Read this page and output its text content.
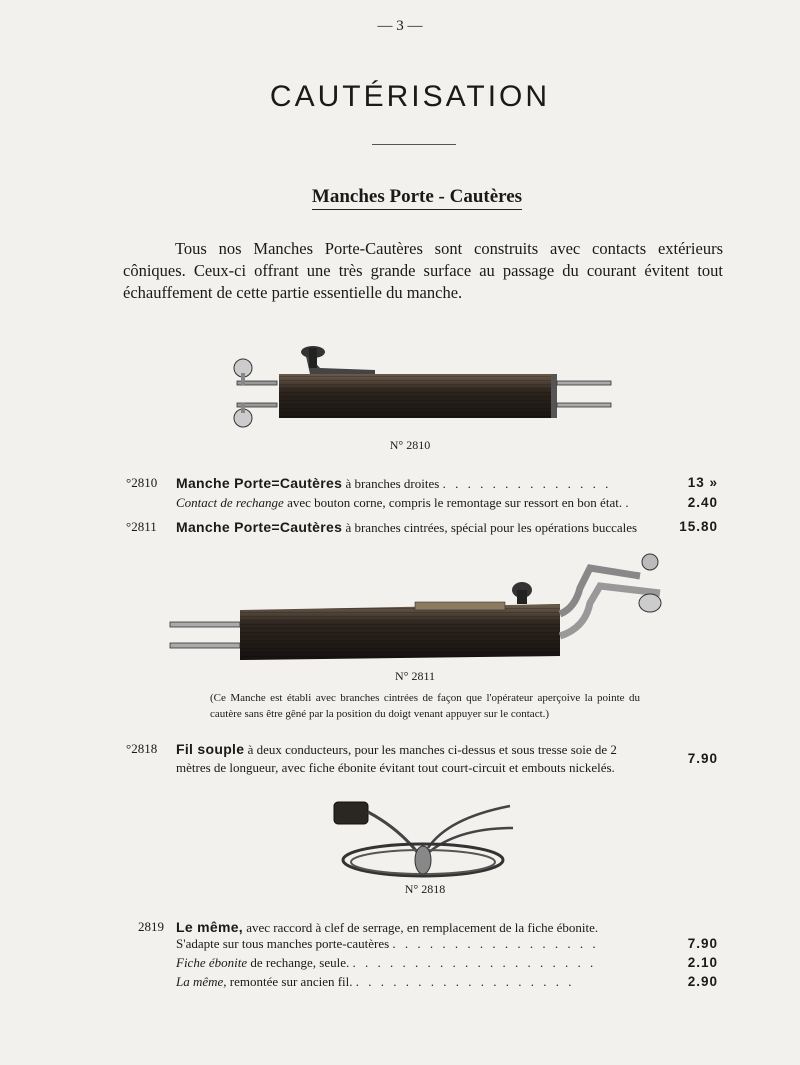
— 3 —
CAUTÉRISATION
Manches Porte - Cautères
Tous nos Manches Porte-Cautères sont construits avec contacts extérieurs côniques. Ceux-ci offrant une très grande surface au passage du courant évitent tout échauffement de cette partie essentielle du manche.
N° 2810
°2810	Manche Porte=Cautères à branches droites . . . . . . . . . . . . . .	13 »
Contact de rechange avec bouton corne, compris le remontage sur ressort en bon état. .	2.40
°2811	Manche Porte=Cautères à branches cintrées, spécial pour les opérations buccales	15.80
N° 2811
(Ce Manche est établi avec branches cintrées de façon que l'opérateur aperçoive la pointe du cautère sans être gêné par la position du doigt venant appuyer sur le contact.)
°2818	Fil souple à deux conducteurs, pour les manches ci-dessus et sous tresse soie de 2 mètres de longueur, avec fiche ébonite évitant tout court-circuit et embouts nickelés.
7.90
N° 2818
2819 Le même, avec raccord à clef de serrage, en remplacement de la fiche ébonite.
S'adapte sur tous manches porte-cautères . . . . . . . . . . . . . . . . .	7.90
Fiche ébonite de rechange, seule. . . . . . . . . . . . . . . . . . . . .	2.10
La même, remontée sur ancien fil. . . . . . . . . . . . . . . . . . .	2.90
